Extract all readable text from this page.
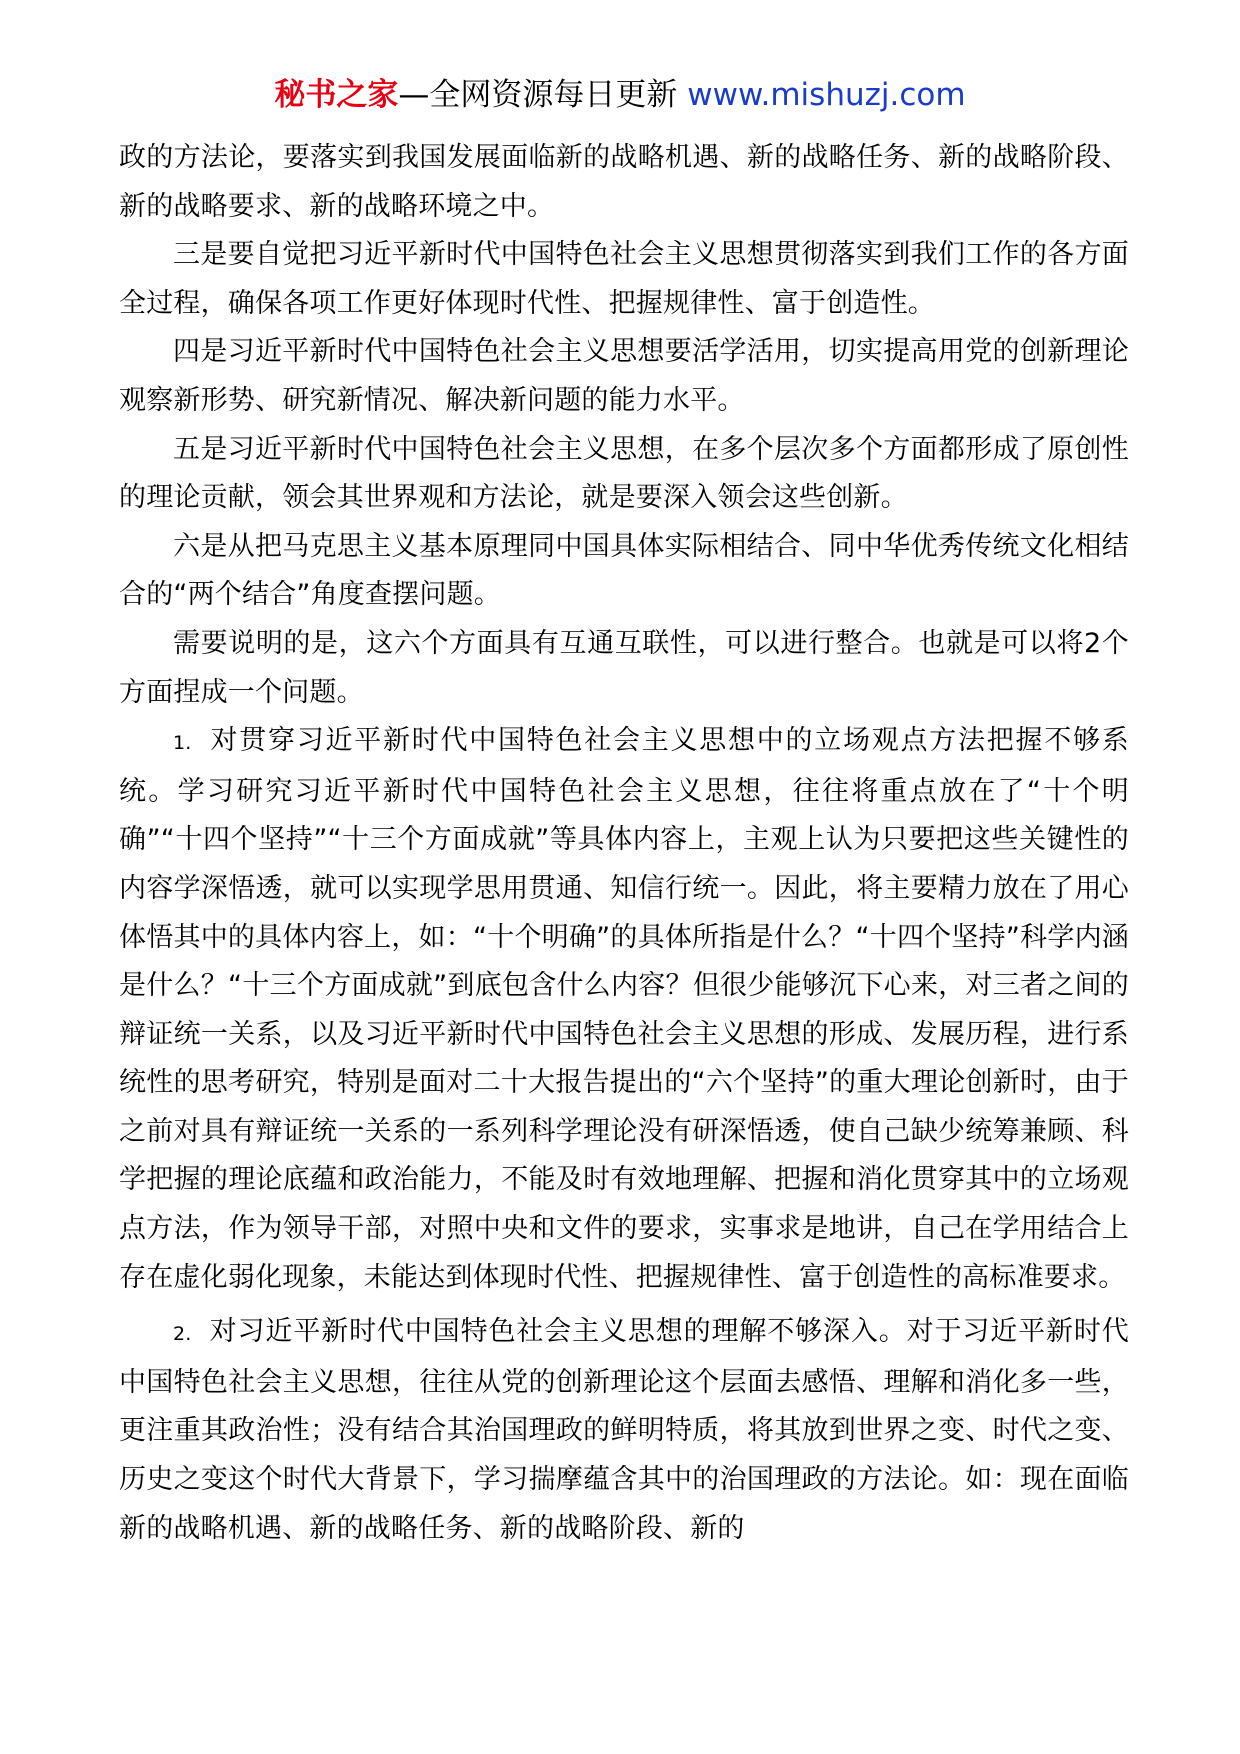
秘书之家—全网资源每日更新 www.mishuzj.com

政的方法论，要落实到我国发展面临新的战略机遇、新的战略任务、新的战略阶段、新的战略要求、新的战略环境之中。

三是要自觉把习近平新时代中国特色社会主义思想贯彻落实到我们工作的各方面全过程，确保各项工作更好体现时代性、把握规律性、富于创造性。

四是习近平新时代中国特色社会主义思想要活学活用，切实提高用党的创新理论观察新形势、研究新情况、解决新问题的能力水平。

五是习近平新时代中国特色社会主义思想，在多个层次多个方面都形成了原创性的理论贡献，领会其世界观和方法论，就是要深入领会这些创新。

六是从把马克思主义基本原理同中国具体实际相结合、同中华优秀传统文化相结合的“两个结合”角度查摆问题。

需要说明的是，这六个方面具有互通互联性，可以进行整合。也就是可以将2个方面捏成一个问题。

1. 对贯穿习近平新时代中国特色社会主义思想中的立场观点方法把握不够系统。学习研究习近平新时代中国特色社会主义思想，往往将重点放在了“十个明确”“十四个坚持”“十三个方面成就”等具体内容上，主观上认为只要把这些关键性的内容学深悟透，就可以实现学思用贯通、知信行统一。因此，将主要精力放在了用心体悟其中的具体内容上，如：“十个明确”的具体所指是什么？“十四个坚持”科学内涵是什么？“十三个方面成就”到底包含什么内容？但很少能够沉下心来，对三者之间的辩证统一关系，以及习近平新时代中国特色社会主义思想的形成、发展历程，进行系统性的思考研究，特别是面对二十大报告提出的“六个坚持”的重大理论创新时，由于之前对具有辩证统一关系的一系列科学理论没有研深悟透，使自己缺少统筹兼顾、科学把握的理论底蕴和政治能力，不能及时有效地理解、把握和消化贯穿其中的立场观点方法，作为领导干部，对照中央和文件的要求，实事求是地讲，自己在学用结合上存在虚化弱化现象，未能达到体现时代性、把握规律性、富于创造性的高标准要求。

2. 对习近平新时代中国特色社会主义思想的理解不够深入。对于习近平新时代中国特色社会主义思想，往往从党的创新理论这个层面去感悟、理解和消化多一些，更注重其政治性；没有结合其治国理政的鲜明特质，将其放到世界之变、时代之变、历史之变这个时代大背景下，学习揣摩蕴含其中的治国理政的方法论。如：现在面临新的战略机遇、新的战略任务、新的战略阶段、新的
